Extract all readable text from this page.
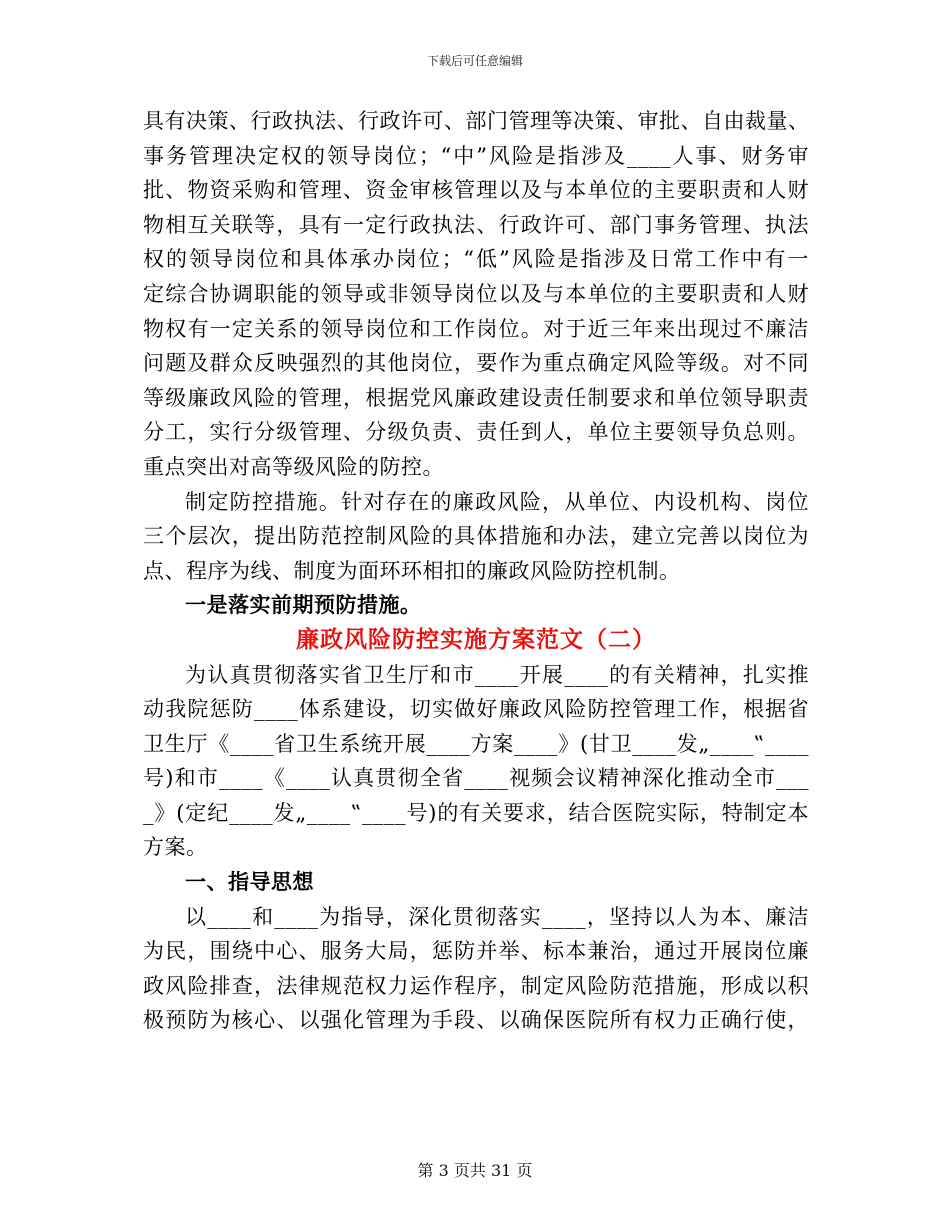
下载后可任意编辑
具有决策、行政执法、行政许可、部门管理等决策、审批、自由裁量、
事务管理决定权的领导岗位；“中”风险是指涉及____人事、财务审
批、物资采购和管理、资金审核管理以及与本单位的主要职责和人财
物相互关联等，具有一定行政执法、行政许可、部门事务管理、执法
权的领导岗位和具体承办岗位；“低”风险是指涉及日常工作中有一
定综合协调职能的领导或非领导岗位以及与本单位的主要职责和人财
物权有一定关系的领导岗位和工作岗位。对于近三年来出现过不廉洁
问题及群众反映强烈的其他岗位，要作为重点确定风险等级。对不同
等级廉政风险的管理，根据党风廉政建设责任制要求和单位领导职责
分工，实行分级管理、分级负责、责任到人，单位主要领导负总则。
重点突出对高等级风险的防控。
制定防控措施。针对存在的廉政风险，从单位、内设机构、岗位
三个层次，提出防范控制风险的具体措施和办法，建立完善以岗位为
点、程序为线、制度为面环环相扣的廉政风险防控机制。
一是落实前期预防措施。
廉政风险防控实施方案范文（二）
为认真贯彻落实省卫生厅和市____开展____的有关精神，扎实推
动我院惩防____体系建设，切实做好廉政风险防控管理工作，根据省
卫生厅《____省卫生系统开展____方案____》(甘卫____发„____‟____
号)和市____《____认真贯彻全省____视频会议精神深化推动全市___
_》(定纪____发„____‟____号)的有关要求，结合医院实际，特制定本
方案。
一、指导思想
以____和____为指导，深化贯彻落实____，坚持以人为本、廉洁
为民，围绕中心、服务大局，惩防并举、标本兼治，通过开展岗位廉
政风险排查，法律规范权力运作程序，制定风险防范措施，形成以积
极预防为核心、以强化管理为手段、以确保医院所有权力正确行使，
第 3 页共 31 页
